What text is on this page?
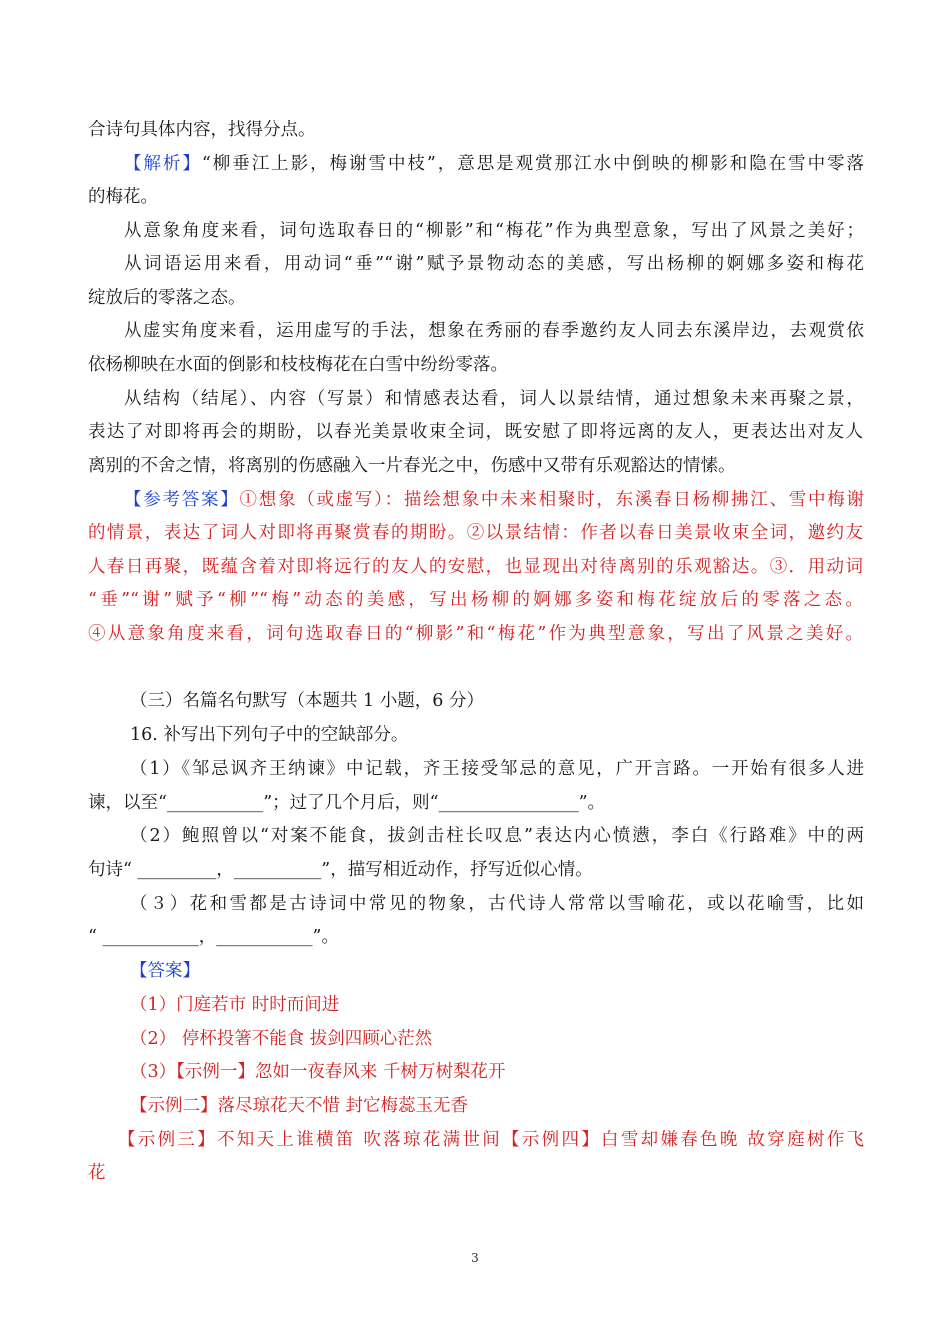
合诗句具体内容，找得分点。
【解析】“柳垂江上影，梅谢雪中枝”，意思是观赏那江水中倒映的柳影和隐在雪中零落
的梅花。
从意象角度来看，词句选取春日的“柳影”和“梅花”作为典型意象，写出了风景之美好；
从词语运用来看，用动词“垂”“谢”赋予景物动态的美感，写出杨柳的婀娜多姿和梅花
绽放后的零落之态。
从虚实角度来看，运用虚写的手法，想象在秀丽的春季邀约友人同去东溪岸边，去观赏依
依杨柳映在水面的倒影和枝枝梅花在白雪中纷纷零落。
从结构（结尾）、内容（写景）和情感表达看，词人以景结情，通过想象未来再聚之景，
表达了对即将再会的期盼，以春光美景收束全词，既安慰了即将远离的友人，更表达出对友人
离别的不舍之情，将离别的伤感融入一片春光之中，伤感中又带有乐观豁达的情愫。
【参考答案】①想象（或虚写）：描绘想象中未来相聚时，东溪春日杨柳拂江、雪中梅谢
的情景，表达了词人对即将再聚赏春的期盼。②以景结情：作者以春日美景收束全词，邀约友
人春日再聚，既蕴含着对即将远行的友人的安慰，也显现出对待离别的乐观豁达。③．用动词
“垂”“谢”赋予“柳”“梅”动态的美感，写出杨柳的婀娜多姿和梅花绽放后的零落之态。
④从意象角度来看，词句选取春日的“柳影”和“梅花”作为典型意象，写出了风景之美好。
（三）名篇名句默写（本题共 1 小题，6 分）
16. 补写出下列句子中的空缺部分。
（1）《邹忌讽齐王纳谏》中记载，齐王接受邹忌的意见，广开言路。一开始有很多人进
谏，以至“___________”；过了几个月后，则“________________”。
（2）鲍照曾以“对案不能食，拔剑击柱长叹息”表达内心愤懑，李白《行路难》中的两
句诗“ _________，__________”，描写相近动作，抒写近似心情。
（３）花和雪都是古诗词中常见的物象，古代诗人常常以雪喻花，或以花喻雪，比如
“ ___________，___________”。
【答案】
（1）门庭若市 时时而间进
（2） 停杯投箸不能食 拔剑四顾心茫然
（3）【示例一】忽如一夜春风来 千树万树梨花开
【示例二】落尽琼花天不惜 封它梅蕊玉无香
【示例三】不知天上谁横笛 吹落琼花满世间【示例四】白雪却嫌春色晚 故穿庭树作飞
花
3
